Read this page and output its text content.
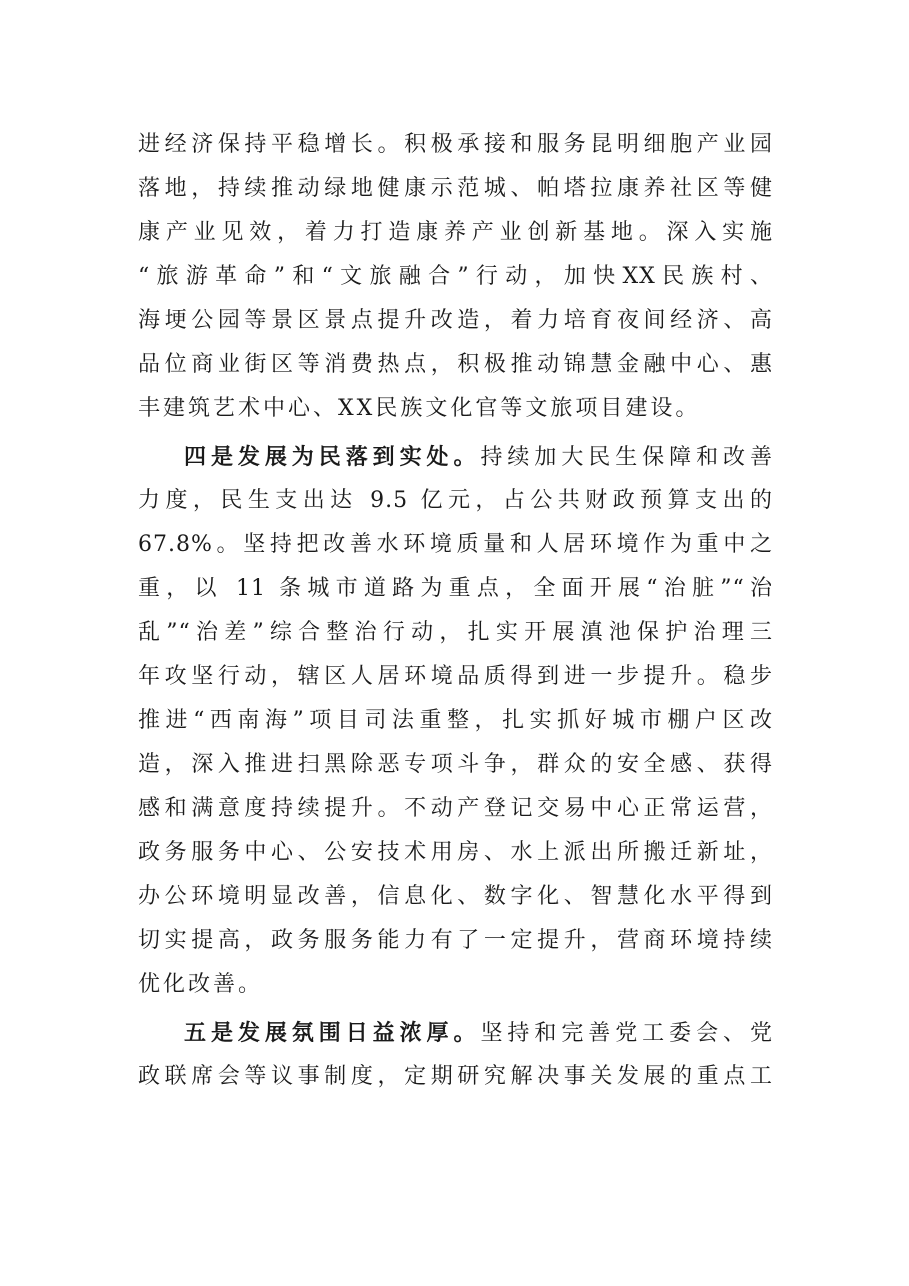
进经济保持平稳增长。积极承接和服务昆明细胞产业园
落地，持续推动绿地健康示范城、帕塔拉康养社区等健
康产业见效，着力打造康养产业创新基地。深入实施
“旅游革命”和“文旅融合”行动，加快XX民族村、
海埂公园等景区景点提升改造，着力培育夜间经济、高
品位商业街区等消费热点，积极推动锦慧金融中心、惠
丰建筑艺术中心、XX民族文化官等文旅项目建设。
四是发展为民落到实处。持续加大民生保障和改善
力度，民生支出达 9.5 亿元，占公共财政预算支出的
67.8%。坚持把改善水环境质量和人居环境作为重中之
重，以 11 条城市道路为重点，全面开展“治脏”“治
乱”“治差”综合整治行动，扎实开展滇池保护治理三
年攻坚行动，辖区人居环境品质得到进一步提升。稳步
推进“西南海”项目司法重整，扎实抓好城市棚户区改
造，深入推进扫黑除恶专项斗争，群众的安全感、获得
感和满意度持续提升。不动产登记交易中心正常运营，
政务服务中心、公安技术用房、水上派出所搬迁新址，
办公环境明显改善，信息化、数字化、智慧化水平得到
切实提高，政务服务能力有了一定提升，营商环境持续
优化改善。
五是发展氛围日益浓厚。坚持和完善党工委会、党
政联席会等议事制度，定期研究解决事关发展的重点工
